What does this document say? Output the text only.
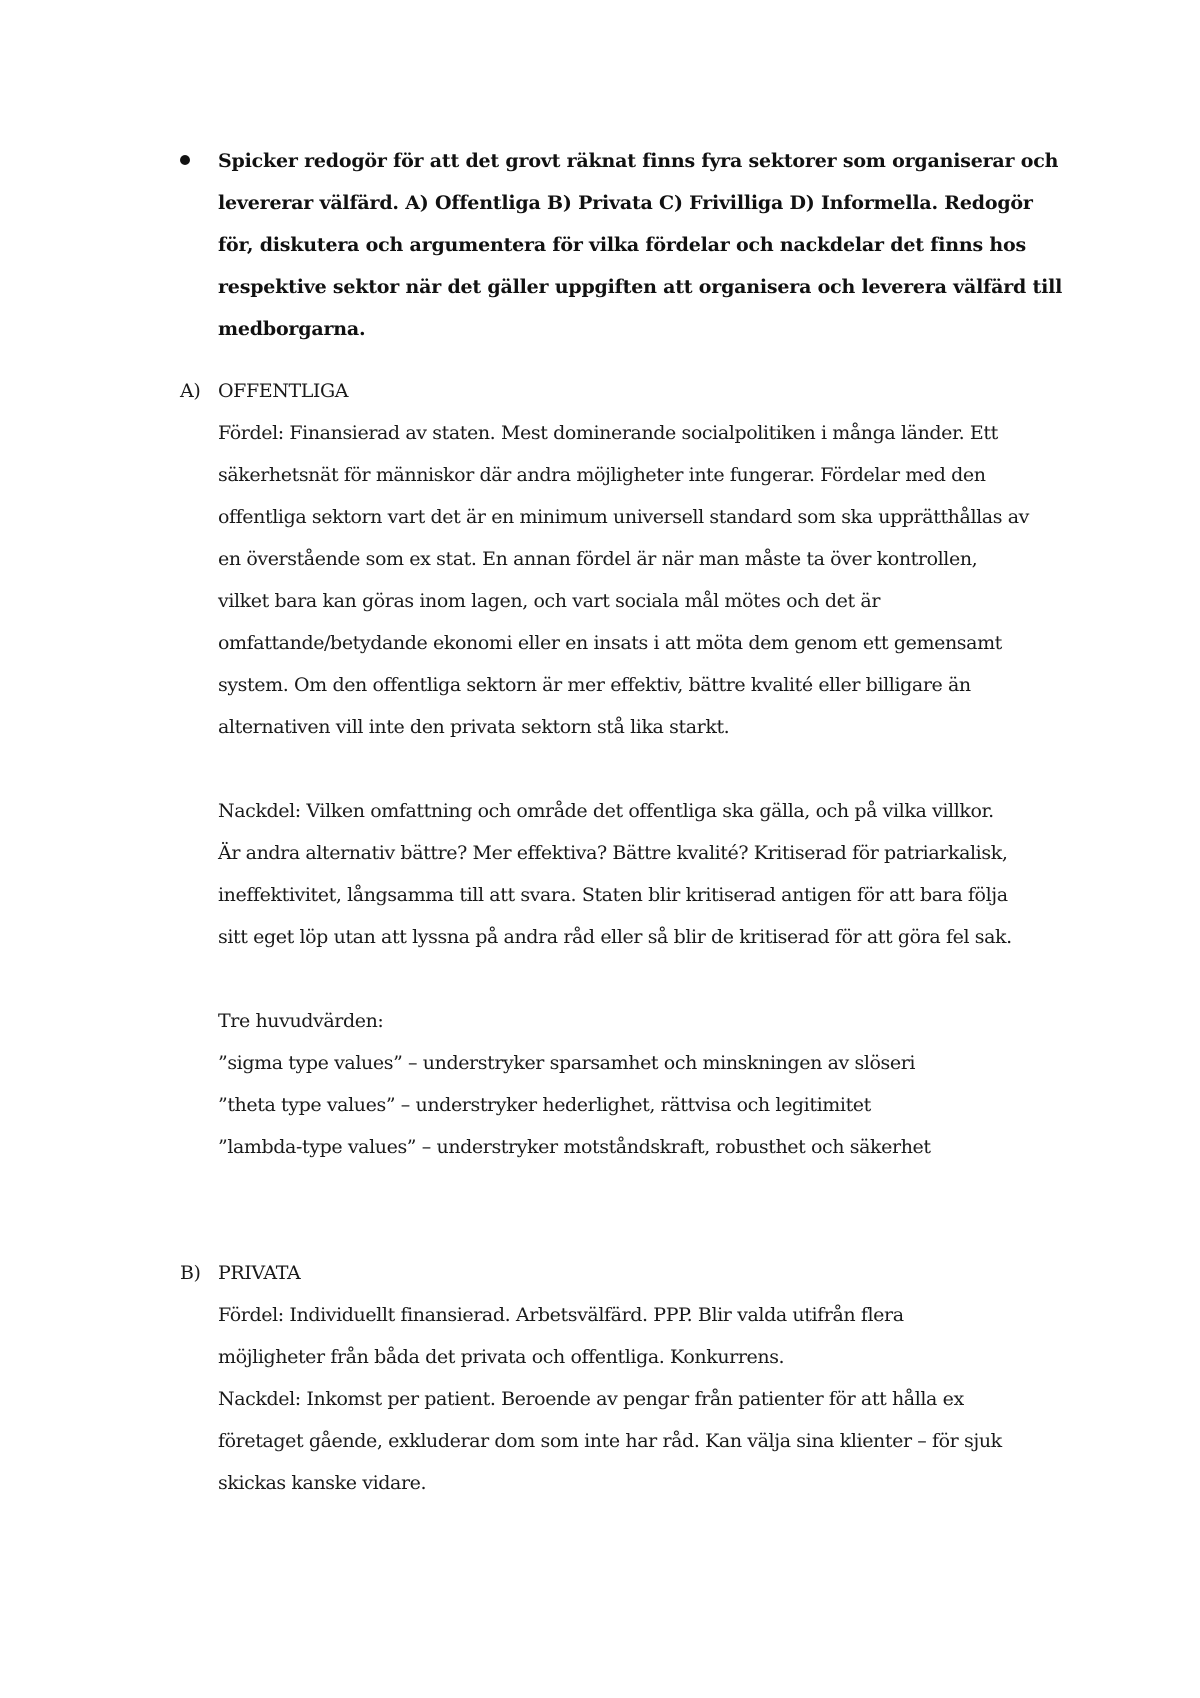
Spicker redogör för att det grovt räknat finns fyra sektorer som organiserar och
levererar välfärd. A) Offentliga B) Privata C) Frivilliga D) Informella. Redogör
för, diskutera och argumentera för vilka fördelar och nackdelar det finns hos
respektive sektor när det gäller uppgiften att organisera och leverera välfärd till
medborgarna.
A) OFFENTLIGA
Fördel: Finansierad av staten. Mest dominerande socialpolitiken i många länder. Ett
säkerhetsnät för människor där andra möjligheter inte fungerar. Fördelar med den
offentliga sektorn vart det är en minimum universell standard som ska upprätthållas av
en överstående som ex stat. En annan fördel är när man måste ta över kontrollen,
vilket bara kan göras inom lagen, och vart sociala mål mötes och det är
omfattande/betydande ekonomi eller en insats i att möta dem genom ett gemensamt
system. Om den offentliga sektorn är mer effektiv, bättre kvalité eller billigare än
alternativen vill inte den privata sektorn stå lika starkt.
Nackdel: Vilken omfattning och område det offentliga ska gälla, och på vilka villkor.
Är andra alternativ bättre? Mer effektiva? Bättre kvalité? Kritiserad för patriarkalisk,
ineffektivitet, långsamma till att svara. Staten blir kritiserad antigen för att bara följa
sitt eget löp utan att lyssna på andra råd eller så blir de kritiserad för att göra fel sak.
Tre huvudvärden:
”sigma type values” – understryker sparsamhet och minskningen av slöseri
”theta type values” – understryker hederlighet, rättvisa och legitimitet
”lambda-type values” – understryker motståndskraft, robusthet och säkerhet
B) PRIVATA
Fördel: Individuellt finansierad. Arbetsvälfärd. PPP. Blir valda utifrån flera
möjligheter från båda det privata och offentliga. Konkurrens.
Nackdel: Inkomst per patient. Beroende av pengar från patienter för att hålla ex
företaget gående, exkluderar dom som inte har råd. Kan välja sina klienter – för sjuk
skickas kanske vidare.
